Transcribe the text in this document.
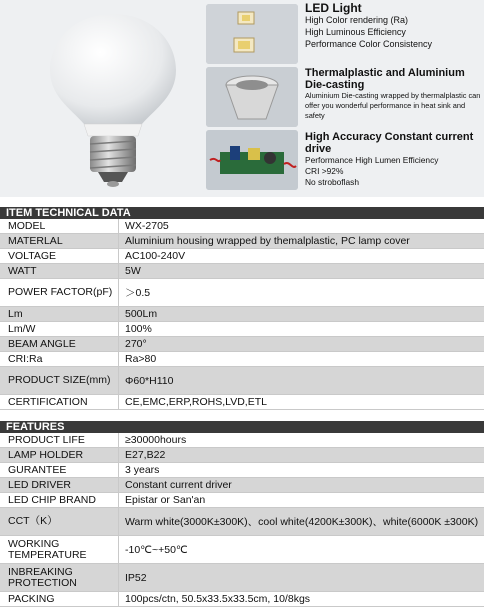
LED Light
High Color rendering (Ra)
High Luminous Efficiency
Performance Color Consistency
Thermalplastic and Aluminium Die-casting
Aluminium Die-casting wrapped by thermalplastic can offer you wonderful performance in heat sink and safety
High Accuracy Constant current drive
Performance High Lumen Efficiency
CRI >92%
No stroboflash
ITEM TECHNICAL DATA
MODEL	WX-2705
MATERLAL	Aluminium housing wrapped by themalplastic, PC lamp cover
VOLTAGE	AC100-240V
WATT	5W
POWER FACTOR(pF)	＞0.5
Lm	500Lm
Lm/W	100%
BEAM ANGLE	270°
CRI:Ra	Ra>80
PRODUCT SIZE(mm)	Φ60*H110
CERTIFICATION	CE,EMC,ERP,ROHS,LVD,ETL
FEATURES
PRODUCT LIFE	≥30000hours
LAMP HOLDER	E27,B22
GURANTEE	3 years
LED DRIVER	Constant current driver
LED CHIP BRAND	Epistar or San'an
CCT（K）	Warm white(3000K±300K)、cool white(4200K±300K)、white(6000K ±300K)
WORKING TEMPERATURE	-10℃~+50℃
INBREAKING PROTECTION	IP52
PACKING	100pcs/ctn, 50.5x33.5x33.5cm, 10/8kgs
